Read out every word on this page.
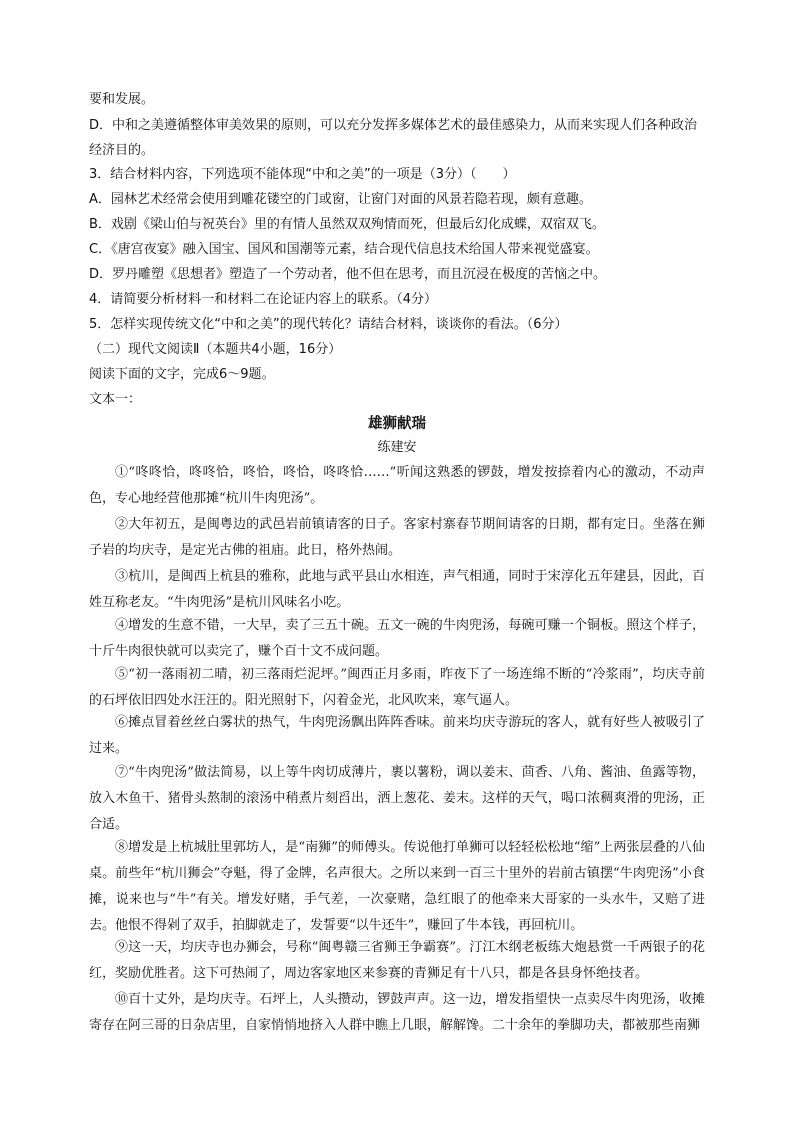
要和发展。
D．中和之美遵循整体审美效果的原则，可以充分发挥多媒体艺术的最佳感染力，从而来实现人们各种政治
经济目的。
3．结合材料内容，下列选项不能体现“中和之美”的一项是（3分）（　　）
A．园林艺术经常会使用到雕花镂空的门或窗，让窗门对面的风景若隐若现，颇有意趣。
B．戏剧《梁山伯与祝英台》里的有情人虽然双双殉情而死，但最后幻化成蝶，双宿双飞。
C．《唐宫夜宴》融入国宝、国风和国潮等元素，结合现代信息技术给国人带来视觉盛宴。
D．罗丹雕塑《思想者》塑造了一个劳动者，他不但在思考，而且沉浸在极度的苦恼之中。
4．请简要分析材料一和材料二在论证内容上的联系。（4分）
5．怎样实现传统文化“中和之美”的现代转化？请结合材料，谈谈你的看法。（6分）
（二）现代文阅读Ⅱ（本题共4小题，16分）
阅读下面的文字，完成6～9题。
文本一：
雄狮献瑞
练建安

①“咚咚恰，咚咚恰，咚恰，咚恰，咚咚恰……”听闻这熟悉的锣鼓，增发按捺着内心的激动，不动声色，专心地经营他那摊“杭川牛肉兜汤”。

②大年初五，是闽粤边的武邑岩前镇请客的日子。客家村寨春节期间请客的日期，都有定日。坐落在狮子岩的均庆寺，是定光古佛的祖庙。此日，格外热闹。

③杭川，是闽西上杭县的雅称，此地与武平县山水相连，声气相通，同时于宋淳化五年建县，因此，百姓互称老友。“牛肉兜汤”是杭川风味名小吃。

④增发的生意不错，一大早，卖了三五十碗。五文一碗的牛肉兜汤，每碗可赚一个铜板。照这个样子，十斤牛肉很快就可以卖完了，赚个百十文不成问题。

⑤“初一落雨初二晴，初三落雨烂泥坪。”闽西正月多雨，昨夜下了一场连绵不断的“冷浆雨”，均庆寺前的石坪依旧四处水汪汪的。阳光照射下，闪着金光，北风吹来，寒气逼人。

⑥摊点冒着丝丝白雾状的热气，牛肉兜汤飘出阵阵香味。前来均庆寺游玩的客人，就有好些人被吸引了过来。

⑦“牛肉兜汤”做法简易，以上等牛肉切成薄片，裹以薯粉，调以姜末、茴香、八角、酱油、鱼露等物，放入木鱼干、猪骨头熬制的滚汤中稍煮片刻舀出，洒上葱花、姜末。这样的天气，喝口浓稠爽滑的兜汤，正合适。

⑧增发是上杭城肚里郭坊人，是“南狮”的师傅头。传说他打单狮可以轻轻松松地“缩”上两张层叠的八仙桌。前些年“杭川狮会”夺魁，得了金牌，名声很大。之所以来到一百三十里外的岩前古镇摆“牛肉兜汤”小食摊，说来也与“牛”有关。增发好赌，手气差，一次豪赌，急红眼了的他牵来大哥家的一头水牛，又赔了进去。他恨不得剁了双手，拍脚就走了，发誓要“以牛还牛”，赚回了牛本钱，再回杭川。

⑨这一天，均庆寺也办狮会，号称“闽粤赣三省狮王争霸赛”。汀江木纲老板练大炮悬赏一千两银子的花红，奖励优胜者。这下可热闹了，周边客家地区来参赛的青狮足有十八只，都是各县身怀绝技者。

⑩百十丈外，是均庆寺。石坪上，人头攒动，锣鼓声声。这一边，增发指望快一点卖尽牛肉兜汤，收摊寄存在阿三哥的日杂店里，自家悄悄地挤入人群中瞧上几眼，解解馋。二十余年的拳脚功夫，都被那些南狮
